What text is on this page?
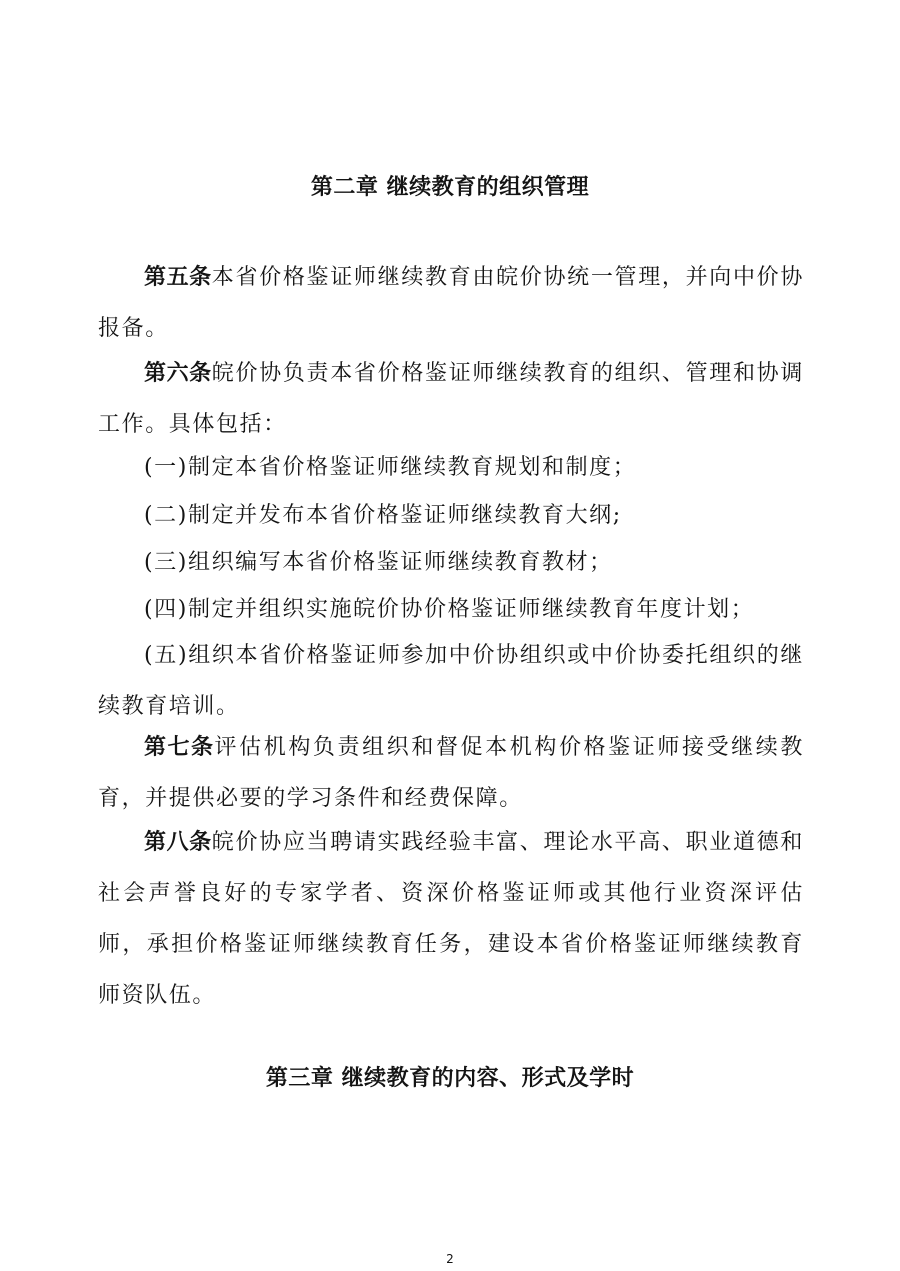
第二章 继续教育的组织管理

第五条本省价格鉴证师继续教育由皖价协统一管理，并向中价协报备。

第六条皖价协负责本省价格鉴证师继续教育的组织、管理和协调工作。具体包括：

(一)制定本省价格鉴证师继续教育规划和制度；

(二)制定并发布本省价格鉴证师继续教育大纲;

(三)组织编写本省价格鉴证师继续教育教材；

(四)制定并组织实施皖价协价格鉴证师继续教育年度计划；

(五)组织本省价格鉴证师参加中价协组织或中价协委托组织的继续教育培训。

第七条评估机构负责组织和督促本机构价格鉴证师接受继续教育，并提供必要的学习条件和经费保障。

第八条皖价协应当聘请实践经验丰富、理论水平高、职业道德和社会声誉良好的专家学者、资深价格鉴证师或其他行业资深评估师，承担价格鉴证师继续教育任务，建设本省价格鉴证师继续教育师资队伍。

第三章 继续教育的内容、形式及学时

2
